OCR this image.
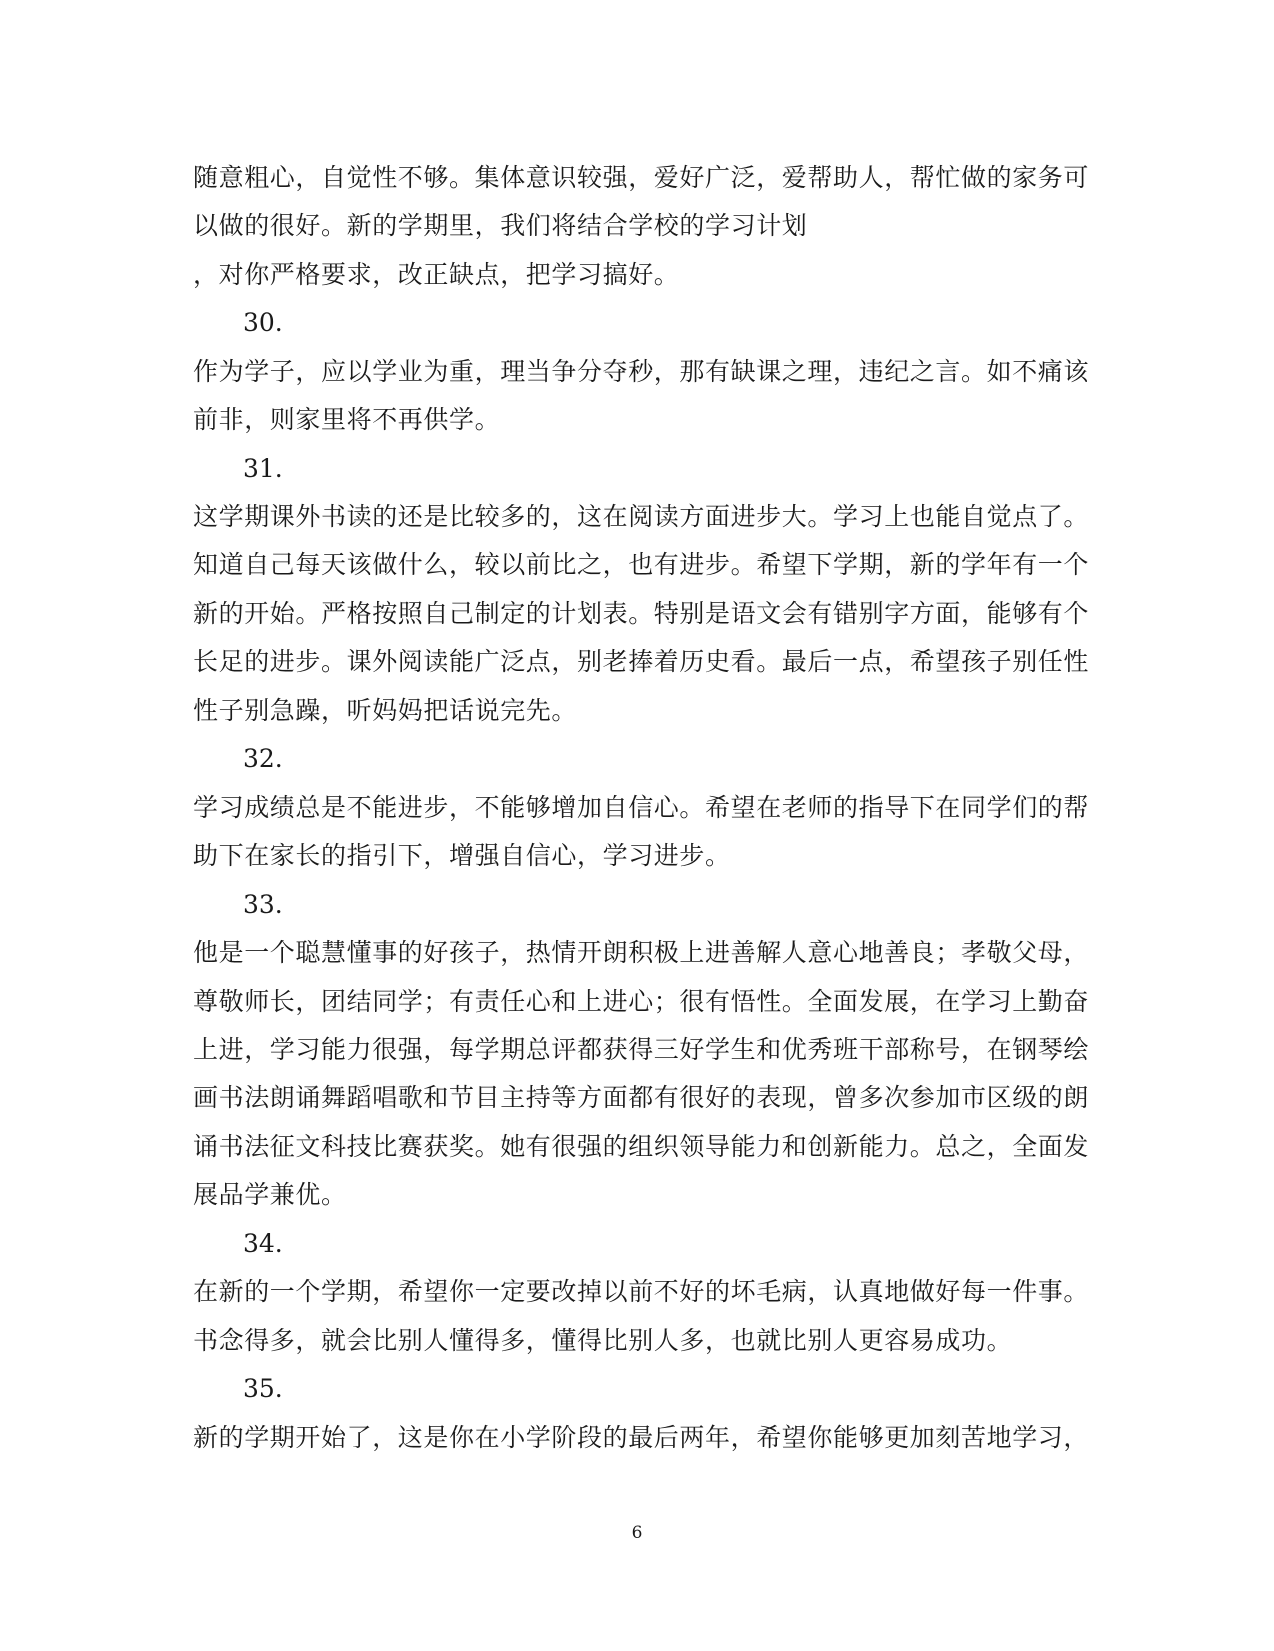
随意粗心，自觉性不够。集体意识较强，爱好广泛，爱帮助人，帮忙做的家务可
以做的很好。新的学期里，我们将结合学校的学习计划
，对你严格要求，改正缺点，把学习搞好。
30.
作为学子，应以学业为重，理当争分夺秒，那有缺课之理，违纪之言。如不痛该
前非，则家里将不再供学。
31.
这学期课外书读的还是比较多的，这在阅读方面进步大。学习上也能自觉点了。
知道自己每天该做什么，较以前比之，也有进步。希望下学期，新的学年有一个
新的开始。严格按照自己制定的计划表。特别是语文会有错别字方面，能够有个
长足的进步。课外阅读能广泛点，别老捧着历史看。最后一点，希望孩子别任性
性子别急躁，听妈妈把话说完先。
32.
学习成绩总是不能进步，不能够增加自信心。希望在老师的指导下在同学们的帮
助下在家长的指引下，增强自信心，学习进步。
33.
他是一个聪慧懂事的好孩子，热情开朗积极上进善解人意心地善良；孝敬父母，
尊敬师长，团结同学；有责任心和上进心；很有悟性。全面发展，在学习上勤奋
上进，学习能力很强，每学期总评都获得三好学生和优秀班干部称号，在钢琴绘
画书法朗诵舞蹈唱歌和节目主持等方面都有很好的表现，曾多次参加市区级的朗
诵书法征文科技比赛获奖。她有很强的组织领导能力和创新能力。总之，全面发
展品学兼优。
34.
在新的一个学期，希望你一定要改掉以前不好的坏毛病，认真地做好每一件事。
书念得多，就会比别人懂得多，懂得比别人多，也就比别人更容易成功。
35.
新的学期开始了，这是你在小学阶段的最后两年，希望你能够更加刻苦地学习，
6
